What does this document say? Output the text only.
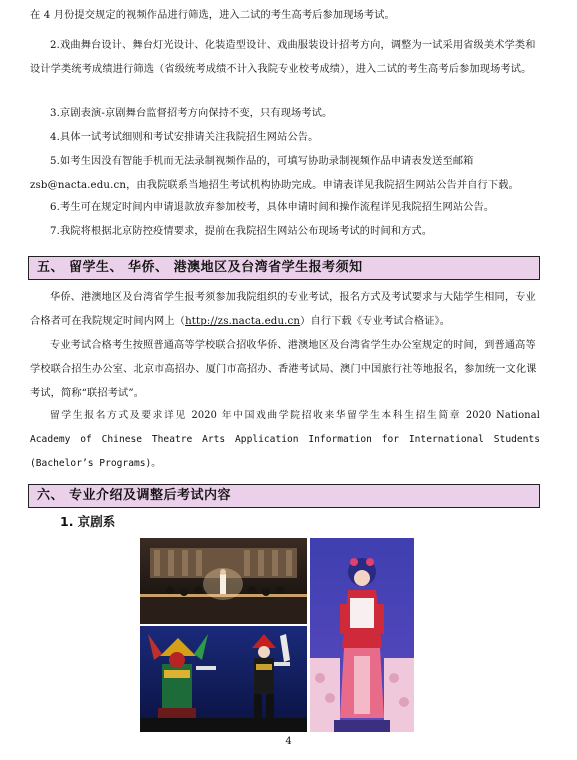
在 4 月份提交规定的视频作品进行筛选，进入二试的考生高考后参加现场考试。

2.戏曲舞台设计、舞台灯光设计、化装造型设计、戏曲服装设计招考方向，调整为一试采用省级美术学类和设计学类统考成绩进行筛选（省级统考成绩不计入我院专业校考成绩），进入二试的考生高考后参加现场考试。

3.京剧表演-京剧舞台监督招考方向保持不变，只有现场考试。

4.具体一试考试细则和考试安排请关注我院招生网站公告。

5.如考生因没有智能手机而无法录制视频作品的，可填写协助录制视频作品申请表发送至邮箱zsb@nacta.edu.cn，由我院联系当地招生考试机构协助完成。申请表详见我院招生网站公告并自行下载。

6.考生可在规定时间内申请退款放弃参加校考，具体申请时间和操作流程详见我院招生网站公告。

7.我院将根据北京防控疫情要求，提前在我院招生网站公布现场考试的时间和方式。

五、 留学生、 华侨、 港澳地区及台湾省学生报考须知

华侨、港澳地区及台湾省学生报考须参加我院组织的专业考试，报名方式及考试要求与大陆学生相同，专业合格者可在我院规定时间内网上（http://zs.nacta.edu.cn）自行下载《专业考试合格证》。

专业考试合格考生按照普通高等学校联合招收华侨、港澳地区及台湾省学生办公室规定的时间，到普通高等学校联合招生办公室、北京市高招办、厦门市高招办、香港考试局、澳门中国旅行社等地报名，参加统一文化课考试，简称“联招考试”。

留学生报名方式及要求详见 2020 年中国戏曲学院招收来华留学生本科生招生简章 2020 National

Academy of Chinese Theatre Arts Application Information for International Students

(Bachelor’s Programs)。

六、 专业介绍及调整后考试内容
1. 京剧系
4
